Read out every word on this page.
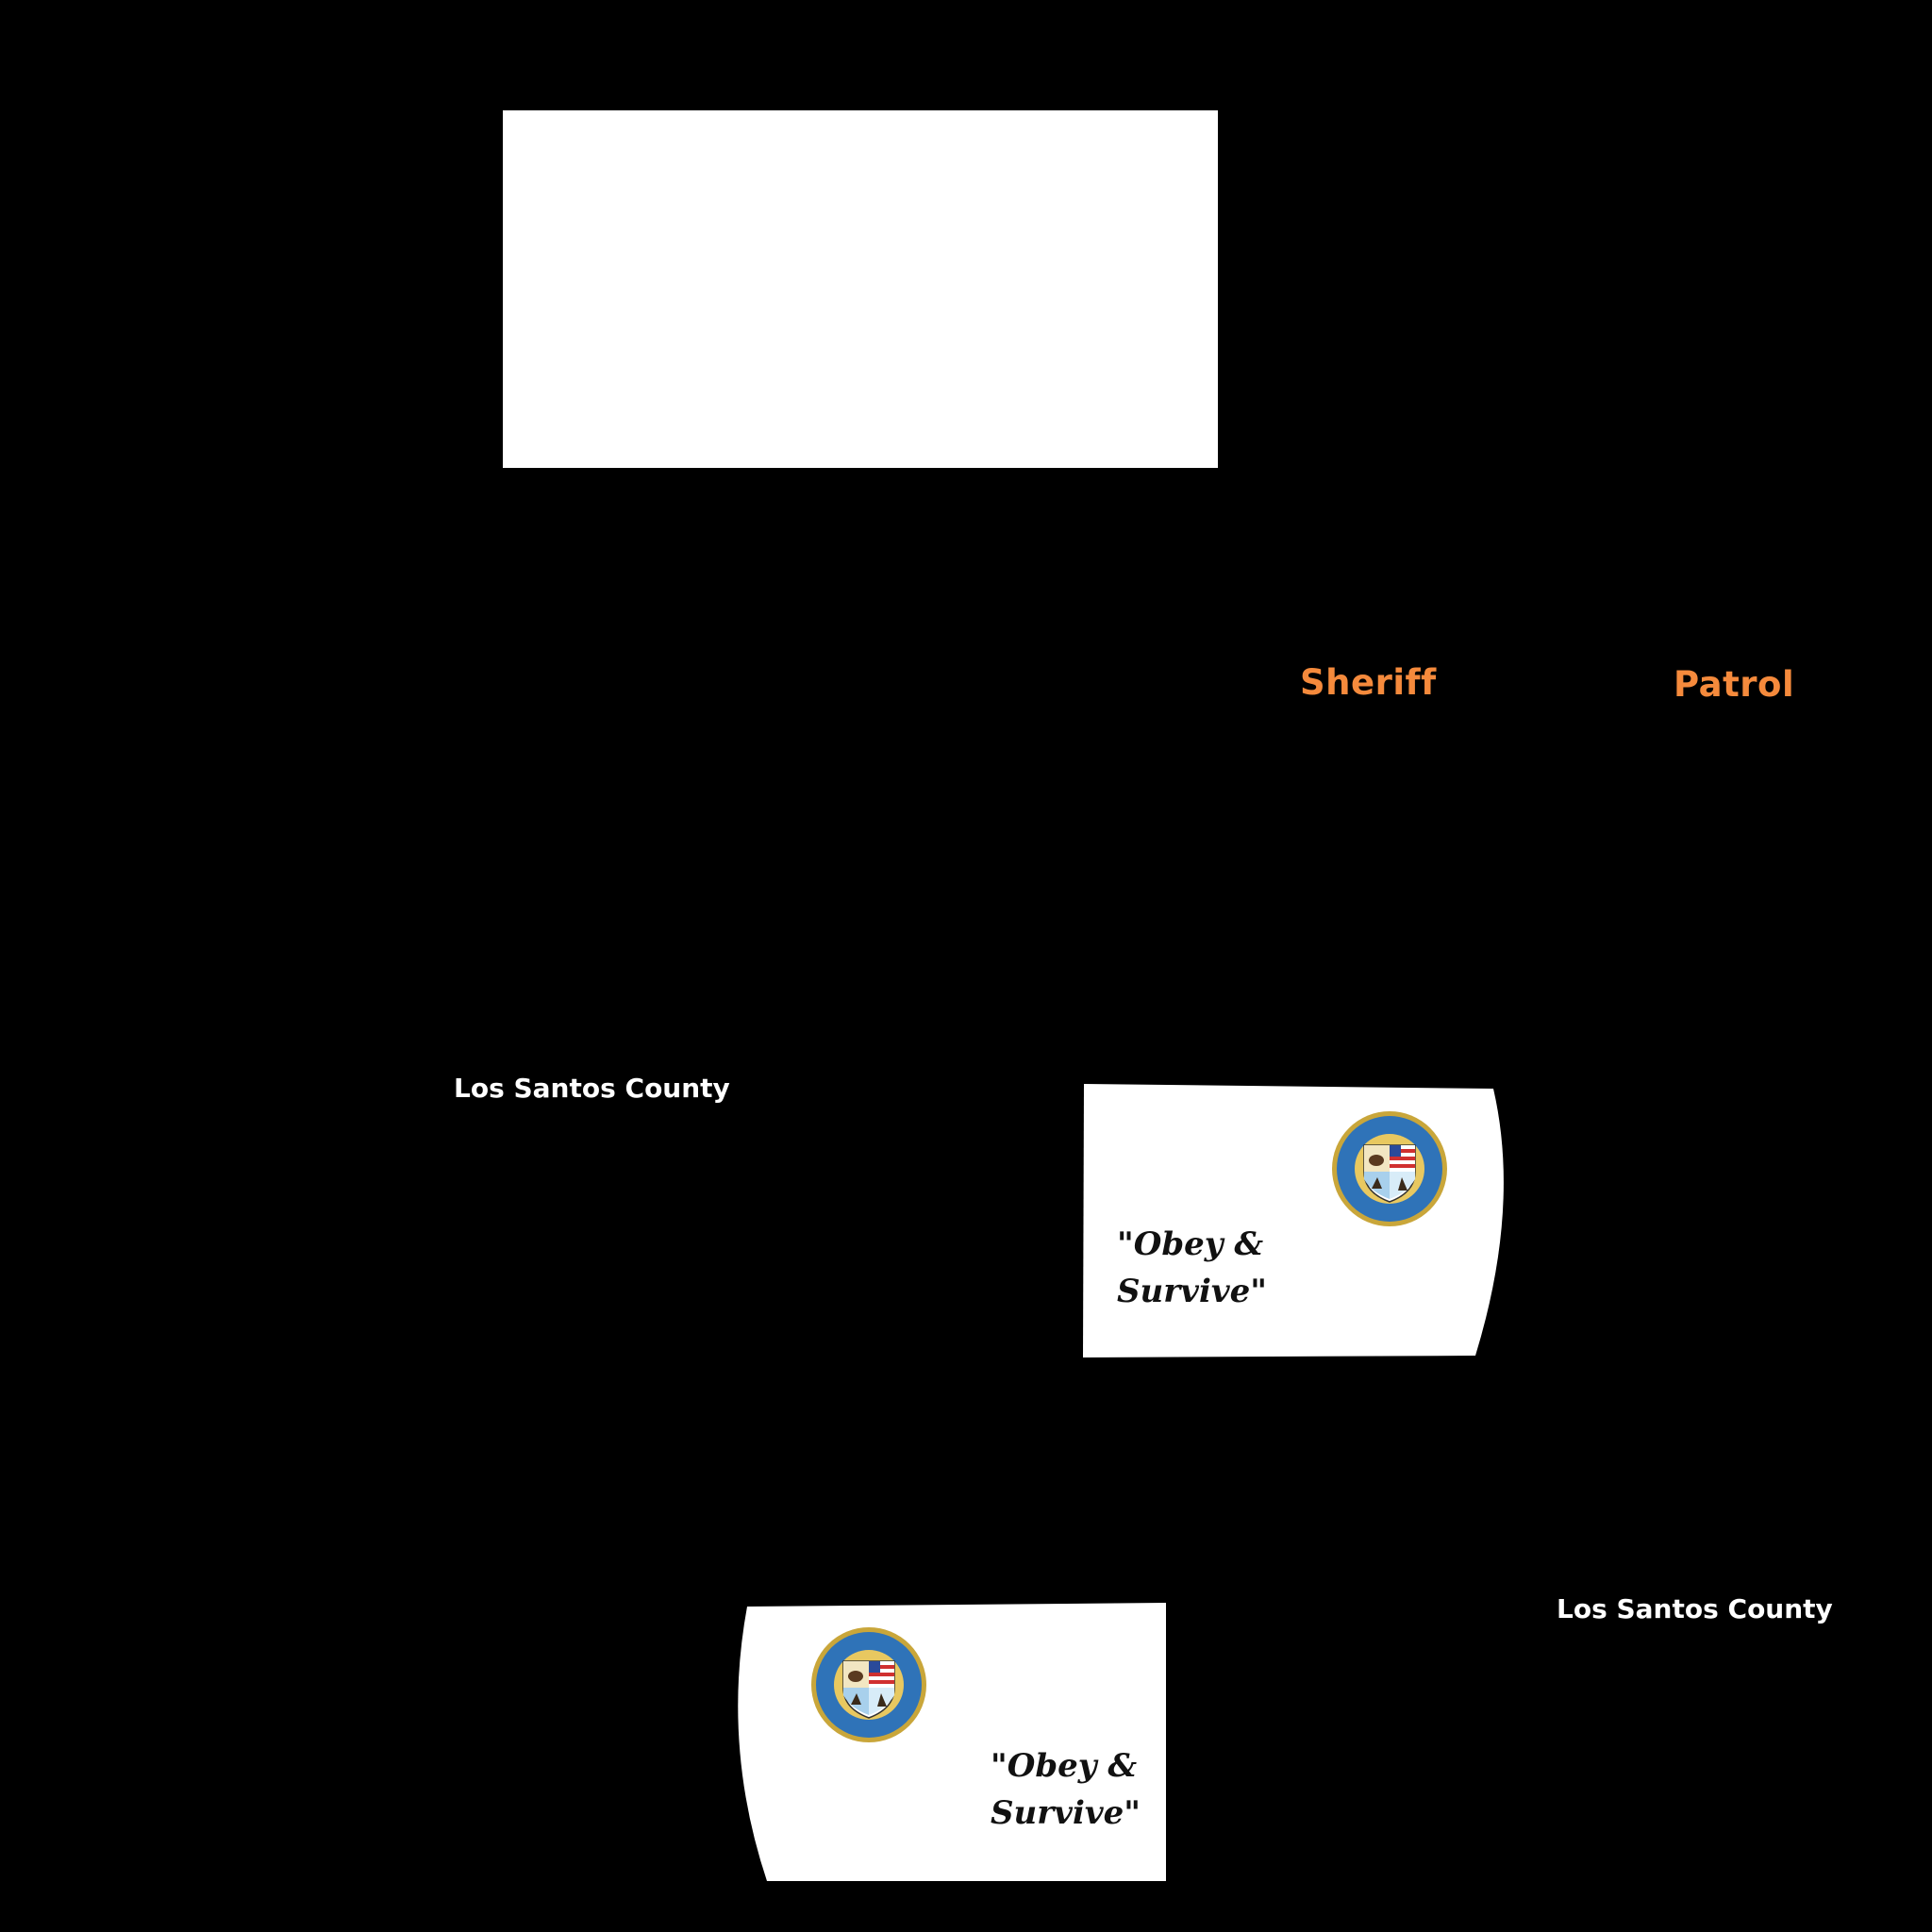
Sheriff	Patrol
Los Santos County
Los Santos County
"Obey &
Survive"
"Obey &
Survive"
